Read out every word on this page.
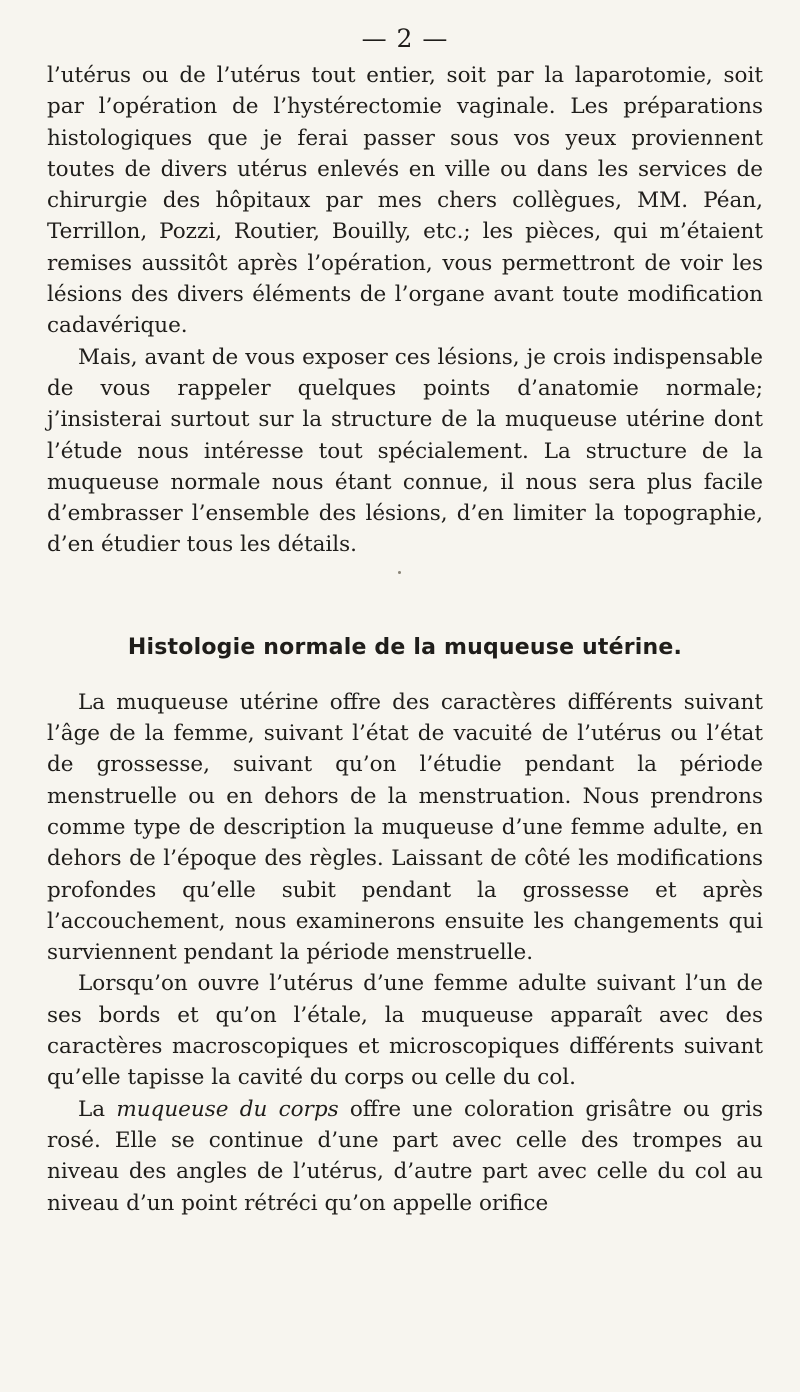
— 2 —

l’utérus ou de l’utérus tout entier, soit par la laparotomie, soit par l’opération de l’hystérectomie vaginale. Les préparations histologiques que je ferai passer sous vos yeux proviennent toutes de divers utérus enlevés en ville ou dans les services de chirurgie des hôpitaux par mes chers collègues, MM. Péan, Terrillon, Pozzi, Routier, Bouilly, etc.; les pièces, qui m’étaient remises aussitôt après l’opération, vous permettront de voir les lésions des divers éléments de l’organe avant toute modification cadavérique.

Mais, avant de vous exposer ces lésions, je crois indispensable de vous rappeler quelques points d’anatomie normale; j’insisterai surtout sur la structure de la muqueuse utérine dont l’étude nous intéresse tout spécialement. La structure de la muqueuse normale nous étant connue, il nous sera plus facile d’embrasser l’ensemble des lésions, d’en limiter la topographie, d’en étudier tous les détails.

Histologie normale de la muqueuse utérine.

La muqueuse utérine offre des caractères différents suivant l’âge de la femme, suivant l’état de vacuité de l’utérus ou l’état de grossesse, suivant qu’on l’étudie pendant la période menstruelle ou en dehors de la menstruation. Nous prendrons comme type de description la muqueuse d’une femme adulte, en dehors de l’époque des règles. Laissant de côté les modifications profondes qu’elle subit pendant la grossesse et après l’accouchement, nous examinerons ensuite les changements qui surviennent pendant la période menstruelle.

Lorsqu’on ouvre l’utérus d’une femme adulte suivant l’un de ses bords et qu’on l’étale, la muqueuse apparaît avec des caractères macroscopiques et microscopiques différents suivant qu’elle tapisse la cavité du corps ou celle du col.

La muqueuse du corps offre une coloration grisâtre ou gris rosé. Elle se continue d’une part avec celle des trompes au niveau des angles de l’utérus, d’autre part avec celle du col au niveau d’un point rétréci qu’on appelle orifice
